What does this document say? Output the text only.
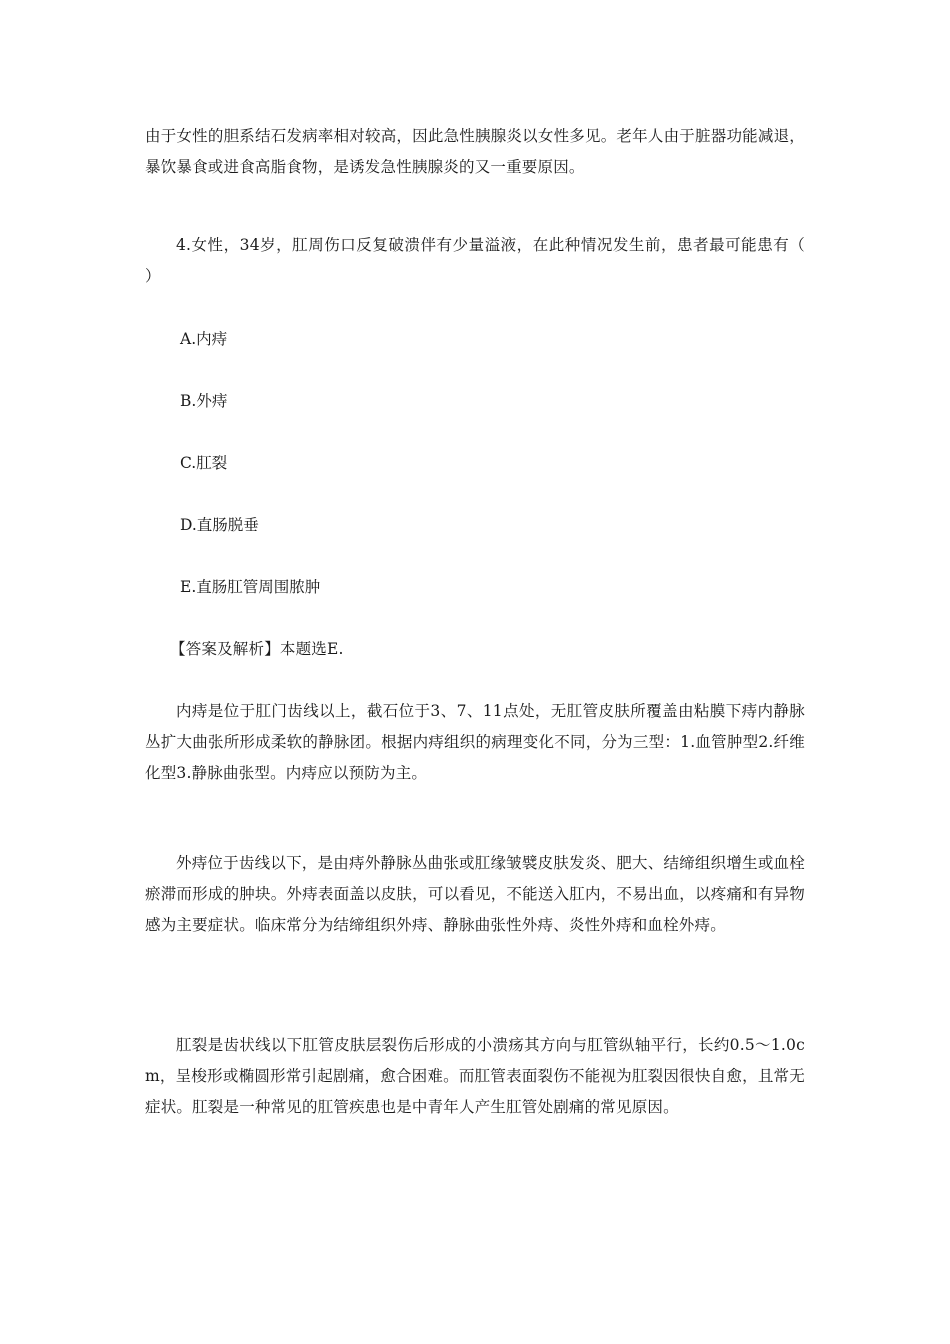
由于女性的胆系结石发病率相对较高，因此急性胰腺炎以女性多见。老年人由于脏器功能减退，暴饮暴食或进食高脂食物，是诱发急性胰腺炎的又一重要原因。

4.女性，34岁，肛周伤口反复破溃伴有少量溢液，在此种情况发生前，患者最可能患有（ ）

A.内痔

B.外痔

C.肛裂

D.直肠脱垂

E.直肠肛管周围脓肿

【答案及解析】本题选E.

内痔是位于肛门齿线以上，截石位于3、7、11点处，无肛管皮肤所覆盖由粘膜下痔内静脉丛扩大曲张所形成柔软的静脉团。根据内痔组织的病理变化不同，分为三型：1.血管肿型2.纤维化型3.静脉曲张型。内痔应以预防为主。

外痔位于齿线以下，是由痔外静脉丛曲张或肛缘皱襞皮肤发炎、肥大、结缔组织增生或血栓瘀滞而形成的肿块。外痔表面盖以皮肤，可以看见，不能送入肛内，不易出血，以疼痛和有异物感为主要症状。临床常分为结缔组织外痔、静脉曲张性外痔、炎性外痔和血栓外痔。

肛裂是齿状线以下肛管皮肤层裂伤后形成的小溃疡其方向与肛管纵轴平行，长约0.5～1.0cm，呈梭形或椭圆形常引起剧痛，愈合困难。而肛管表面裂伤不能视为肛裂因很快自愈，且常无症状。肛裂是一种常见的肛管疾患也是中青年人产生肛管处剧痛的常见原因。
